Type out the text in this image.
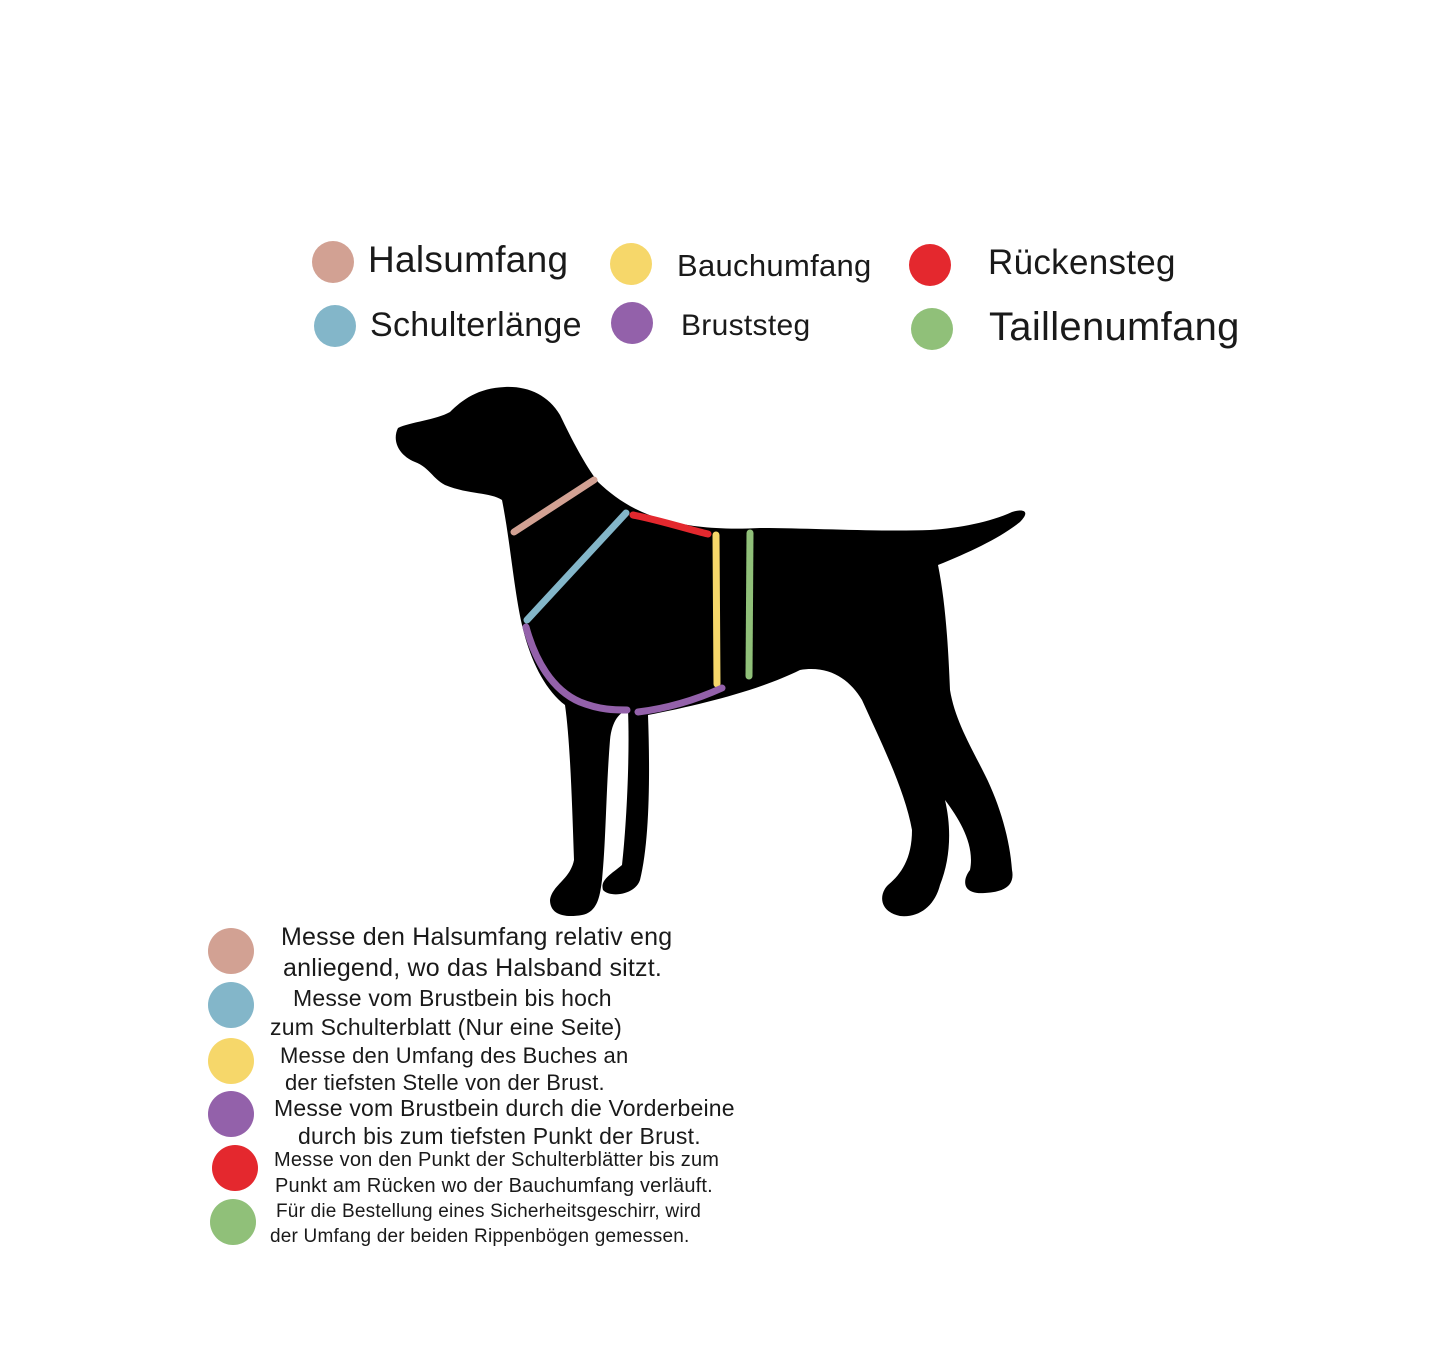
Halsumfang	Bauchumfang	Rückensteg
Schulterlänge	Bruststeg	Taillenumfang
Messe den Halsumfang relativ eng
anliegend, wo das Halsband sitzt.
Messe vom Brustbein bis hoch
zum Schulterblatt (Nur eine Seite)
Messe den Umfang des Buches an
der tiefsten Stelle von der Brust.
Messe vom Brustbein durch die Vorderbeine
durch bis zum tiefsten Punkt der Brust.
Messe von den Punkt der Schulterblätter bis zum
Punkt am Rücken wo der Bauchumfang verläuft.
Für die Bestellung eines Sicherheitsgeschirr, wird
der Umfang der beiden Rippenbögen gemessen.
